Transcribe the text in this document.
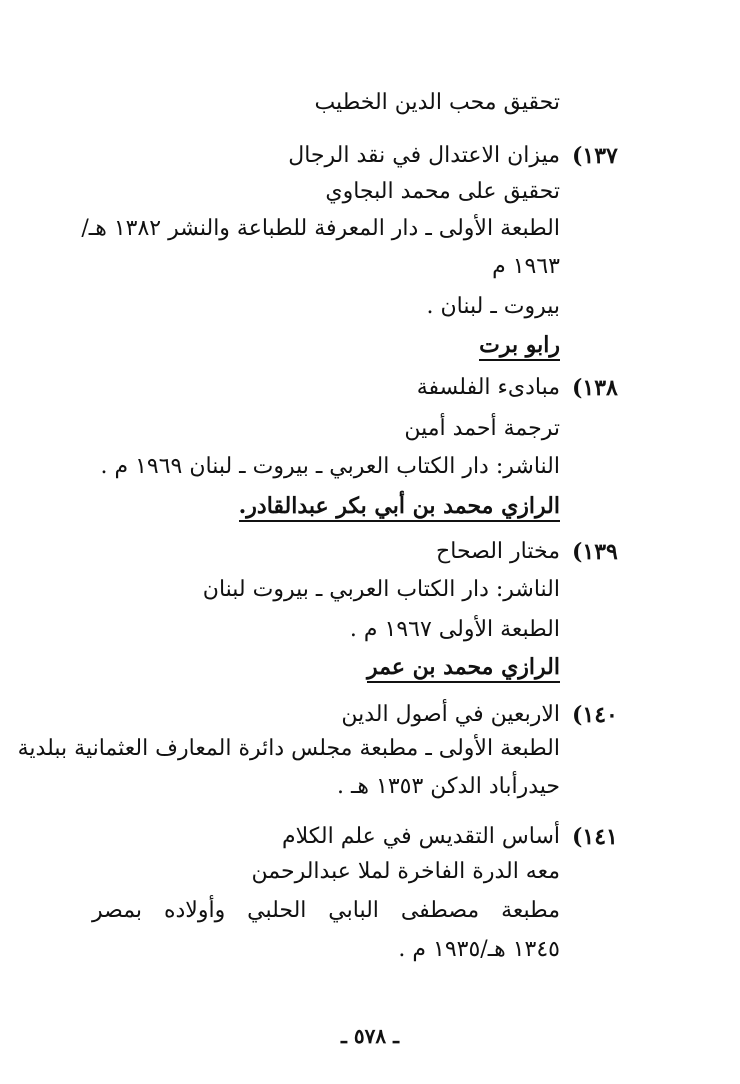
تحقيق محب الدين الخطيب
(١٣٧
ميزان الاعتدال في نقد الرجال
تحقيق على محمد البجاوي
الطبعة الأولى ـ دار المعرفة للطباعة والنشر ١٣٨٢ هـ/
١٩٦٣ م
بيروت ـ لبنان .
رابو برت
(١٣٨
مبادىء الفلسفة
ترجمة أحمد أمين
الناشر: دار الكتاب العربي ـ بيروت ـ لبنان ١٩٦٩ م .
الرازي محمد بن أبي بكر عبدالقادر.
(١٣٩
مختار الصحاح
الناشر: دار الكتاب العربي ـ بيروت لبنان
الطبعة الأولى ١٩٦٧ م .
الرازي محمد بن عمر
(١٤٠
الاربعين في أصول الدين
الطبعة الأولى ـ مطبعة مجلس دائرة المعارف العثمانية ببلدية
حيدرأباد الدكن ١٣٥٣ هـ .
(١٤١
أساس التقديس في علم الكلام
معه الدرة الفاخرة لملا عبدالرحمن
مطبعة
مصطفى
البابي
الحلبي
وأولاده
بمصر
١٣٤٥ هـ/١٩٣٥ م .
ـ ٥٧٨ ـ
